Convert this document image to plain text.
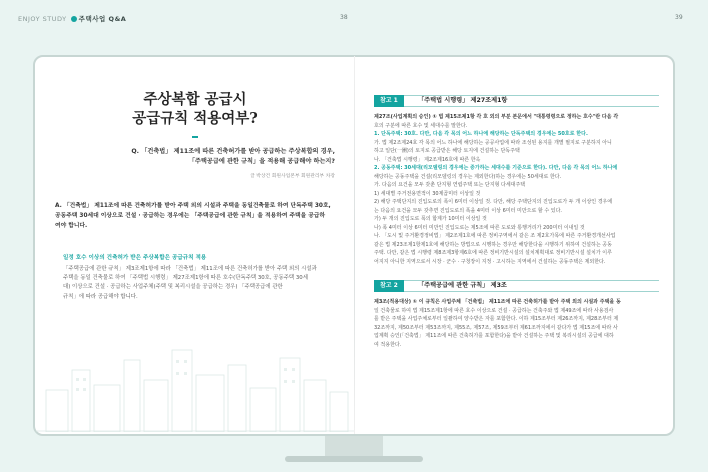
ENJOY STUDY 주택사업 Q&A	38	39
주상복합 공급시
공급규칙 적용여부?
Q. 「건축법」 제11조에 따른 건축허가를 받아 공급하는 주상복합의 경우,
「주택공급에 관한 규칙」을 적용해 공급해야 하는지?
글 박상건 회원사업본부 회원관리부 차장
A. 「건축법」 제11조에 따른 건축허가를 받아 주택 외의 시설과 주택을 동일건축물로 하여 단독주택 30호,
공동주택 30세대 이상으로 건설 · 공급하는 경우에는 「주택공급에 관한 규칙」을 적용하여 주택을 공급하
여야 합니다.
일정 호수 이상의 건축허가 받은 주상복합은 공급규칙 적용
「주택공급에 관한 규칙」 제3조제1항에 따라 「건축법」 제11조에 따른 건축허가를 받아 주택 외의 시설과
주택을 동일 건축물로 하여 「주택법 시행령」 제27조제1항에 따른 호수(단독주택 30호, 공동주택 30세
대) 이상으로 건설 · 공급하는 사업주체(주택 및 복리시설을 공급하는 경우) 「주택공급에 관한
규칙」에 따라 공급해야 합니다.
참고 1	「주택법 시행령」 제27조제1항

제27조(사업계획의 승인) ① 법 제15조제1항 각 호 외의 부분 본문에서 "대통령령으로 정하는 호수"란 다음 각

호의 구분에 따른 호수 및 세대수를 말한다.

1. 단독주택: 30호. 다만, 다음 각 목의 어느 하나에 해당하는 단독주택의 경우에는 50호로 한다.

가. 법 제2조제24호 각 목의 어느 하나에 해당하는 공공사업에 따라 조성된 용지를 개별 필지로 구분하지 아니

하고 일단(一團)의 토지로 공급받은 해당 토지에 건설하는 단독주택

나. 「건축법 시행령」 제2조제16호에 따른 한옥

2. 공동주택: 30세대(리모델링의 경우에는 증가하는 세대수를 기준으로 한다). 다만, 다음 각 목의 어느 하나에

해당하는 공동주택을 건설(리모델링의 경우는 제외한다)하는 경우에는 50세대로 한다.

가. 다음의 요건을 모두 갖춘 단지형 연립주택 또는 단지형 다세대주택

1) 세대별 주거전용면적이 30제곱미터 이상일 것

2) 해당 주택단지의 진입도로의 폭이 6미터 이상일 것. 다만, 해당 주택단지의 진입도로가 두 개 이상인 경우에

는 다음의 요건을 모두 갖추면 진입도로의 폭을 4미터 이상 6미터 미만으로 할 수 있다.

가) 두 개의 진입도로 폭의 합계가 10미터 이상일 것

나) 폭 4미터 이상 6미터 미만인 진입도로는 제5조에 따른 도로와 통행거리가 200미터 이내일 것

나. 「도시 및 주거환경정비법」 제2조제1호에 따른 정비구역에서 같은 조 제2호가목에 따른 주거환경개선사업

같은 법 제23조제1항제1호에 해당하는 방법으로 시행하는 경우만 해당한다을 시행하기 위하여 건설하는 공동

주택. 다만, 같은 법 시행령 제8조제3항제6호에 따른 정비기반시설의 설치계획대로 정비기반시설 설치가 이루

어지지 아니한 지역으로서 시장 · 군수 · 구청장이 지정 · 고시하는 지역에서 건설하는 공동주택은 제외한다.

참고 2	「주택공급에 관한 규칙」 제3조

제3조(적용대상) ① 이 규칙은 사업주체 「건축법」 제11조에 따른 건축허가를 받아 주택 외의 시설과 주택을 동

일 건축물로 하여 법 제15조제1항에 따른 호수 이상으로 건설 · 공급하는 건축주와 법 제49조에 따라 사용검사

를 받은 주택을 사업주체로부터 일괄하여 양수받은 자를 포함한다. 이하 제15조부터 제26조까지, 제28조부터 제

32조까지, 제50조부터 제53조까지, 제55조, 제57조, 제59조부터 제61조까지에서 같다가 법 제15조에 따라 사

업계획 승인(「건축법」 제11조에 따른 건축허가를 포함한다)을 받아 건설하는 주택 및 복리시설의 공급에 대하

여 적용한다.
